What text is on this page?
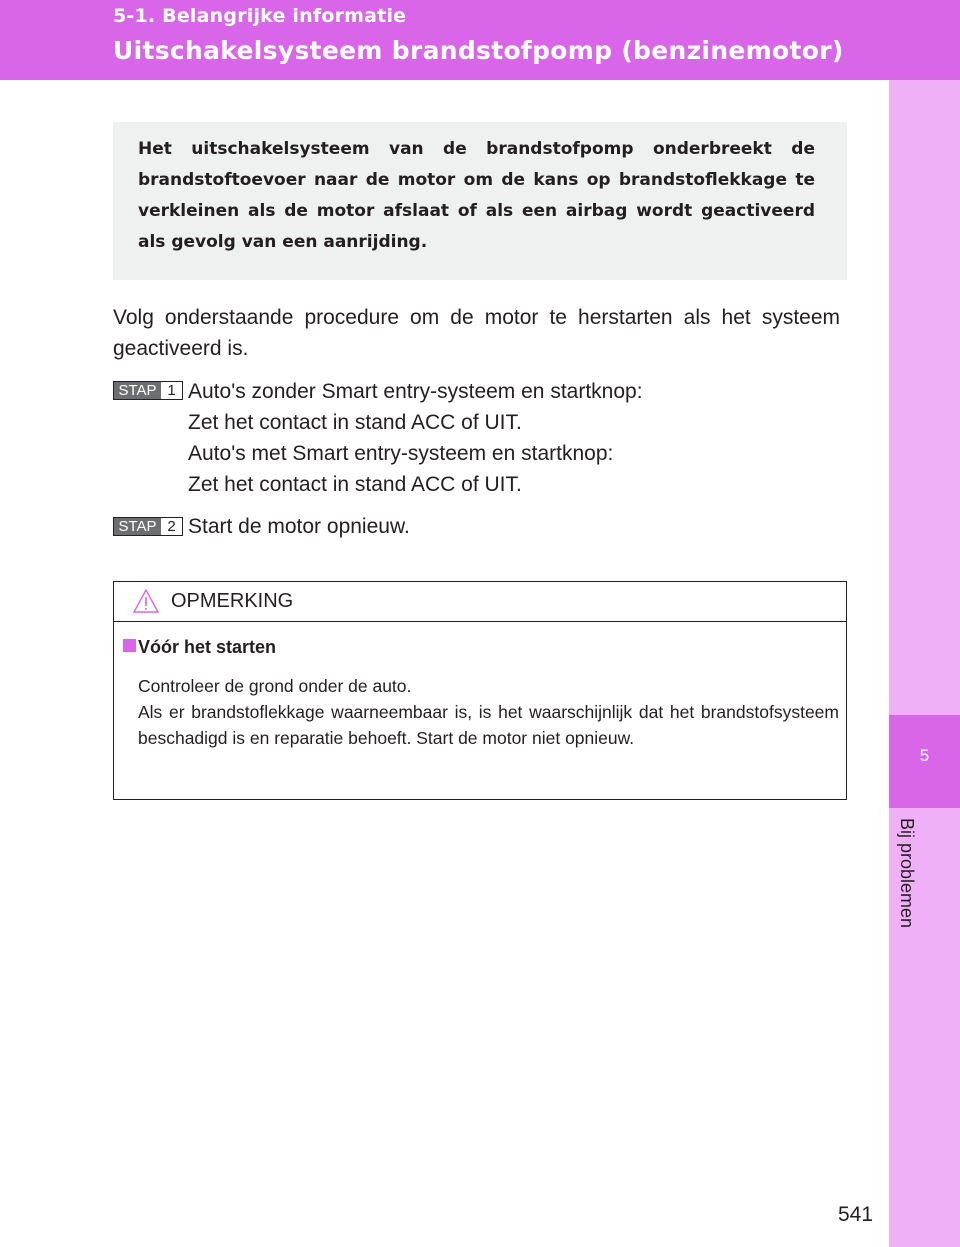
5-1. Belangrijke informatie
Uitschakelsysteem brandstofpomp (benzinemotor)
5
Bij problemen
Het uitschakelsysteem van de brandstofpomp onderbreekt de brandstoftoevoer naar de motor om de kans op brandstoflekkage te verkleinen als de motor afslaat of als een airbag wordt geactiveerd als gevolg van een aanrijding.
Volg onderstaande procedure om de motor te herstarten als het systeem geactiveerd is.
STAP 1 Auto's zonder Smart entry-systeem en startknop:
Zet het contact in stand ACC of UIT.
Auto's met Smart entry-systeem en startknop:
Zet het contact in stand ACC of UIT.
STAP 2 Start de motor opnieuw.
OPMERKING
Vóór het starten
Controleer de grond onder de auto.
Als er brandstoflekkage waarneembaar is, is het waarschijnlijk dat het brandstofsysteem beschadigd is en reparatie behoeft. Start de motor niet opnieuw.
541
